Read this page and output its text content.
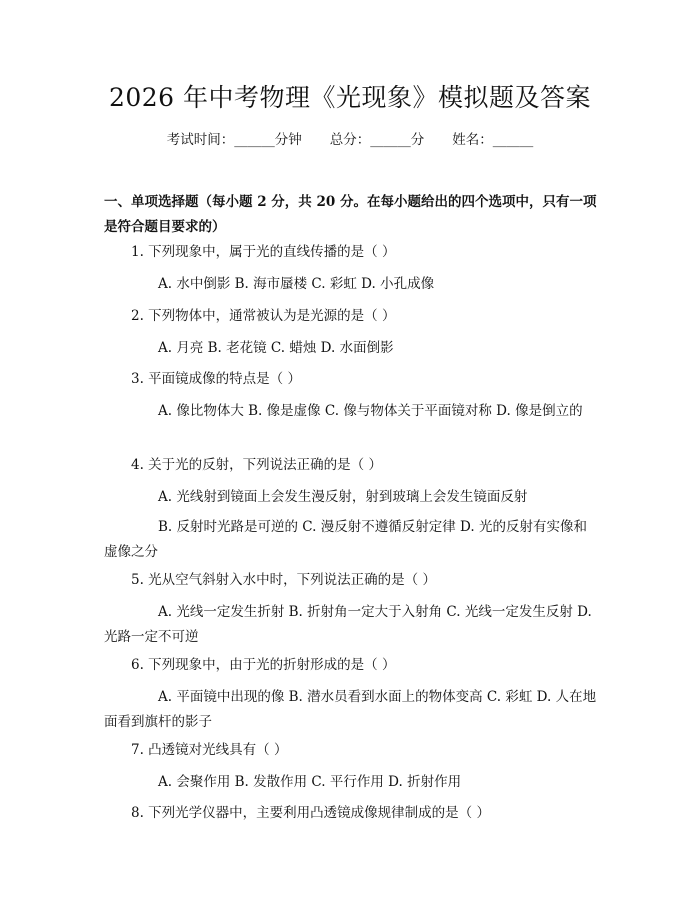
2026 年中考物理《光现象》模拟题及答案
考试时间：______分钟 总分：______分 姓名：______
一、单项选择题（每小题 2 分，共 20 分。在每小题给出的四个选项中，只有一项是符合题目要求的）
1. 下列现象中，属于光的直线传播的是（ ）
A. 水中倒影 B. 海市蜃楼 C. 彩虹 D. 小孔成像
2. 下列物体中，通常被认为是光源的是（ ）
A. 月亮 B. 老花镜 C. 蜡烛 D. 水面倒影
3. 平面镜成像的特点是（ ）
A. 像比物体大 B. 像是虚像 C. 像与物体关于平面镜对称 D. 像是倒立的
4. 关于光的反射，下列说法正确的是（ ）
A. 光线射到镜面上会发生漫反射，射到玻璃上会发生镜面反射
B. 反射时光路是可逆的 C. 漫反射不遵循反射定律 D. 光的反射有实像和虚像之分
5. 光从空气斜射入水中时，下列说法正确的是（ ）
A. 光线一定发生折射 B. 折射角一定大于入射角 C. 光线一定发生反射 D. 光路一定不可逆
6. 下列现象中，由于光的折射形成的是（ ）
A. 平面镜中出现的像 B. 潜水员看到水面上的物体变高 C. 彩虹 D. 人在地面看到旗杆的影子
7. 凸透镜对光线具有（ ）
A. 会聚作用 B. 发散作用 C. 平行作用 D. 折射作用
8. 下列光学仪器中，主要利用凸透镜成像规律制成的是（ ）
